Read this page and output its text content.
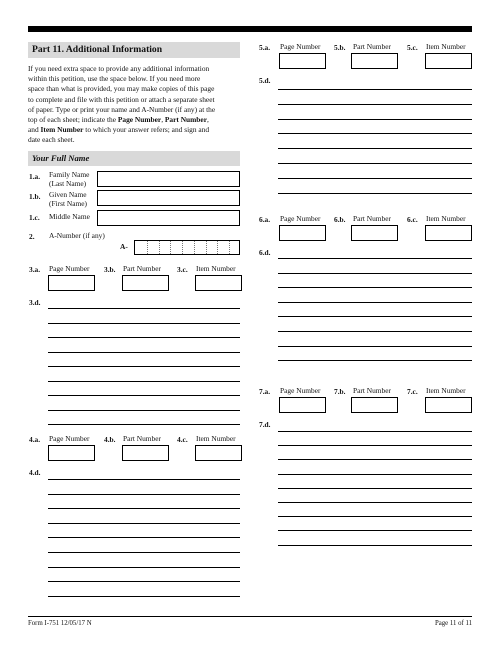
Part 11. Additional Information
If you need extra space to provide any additional information
within this petition, use the space below. If you need more
space than what is provided, you may make copies of this page
to complete and file with this petition or attach a separate sheet
of paper. Type or print your name and A-Number (if any) at the
top of each sheet; indicate the Page Number, Part Number,
and Item Number to which your answer refers; and sign and
date each sheet.
Your Full Name
1.a. Family Name
(Last Name)
1.b. Given Name
(First Name)
1.c. Middle Name
2. A-Number (if any)
A-
Form I-751 12/05/17 N	Page 11 of 11
3.a. Page Number 3.b. Part Number 3.c. Item Number
3.d.
4.a. Page Number 4.b. Part Number 4.c. Item Number
4.d.
5.a. Page Number 5.b. Part Number 5.c. Item Number
5.d.
6.a. Page Number 6.b. Part Number 6.c. Item Number
6.d.
7.a. Page Number 7.b. Part Number 7.c. Item Number
7.d.
